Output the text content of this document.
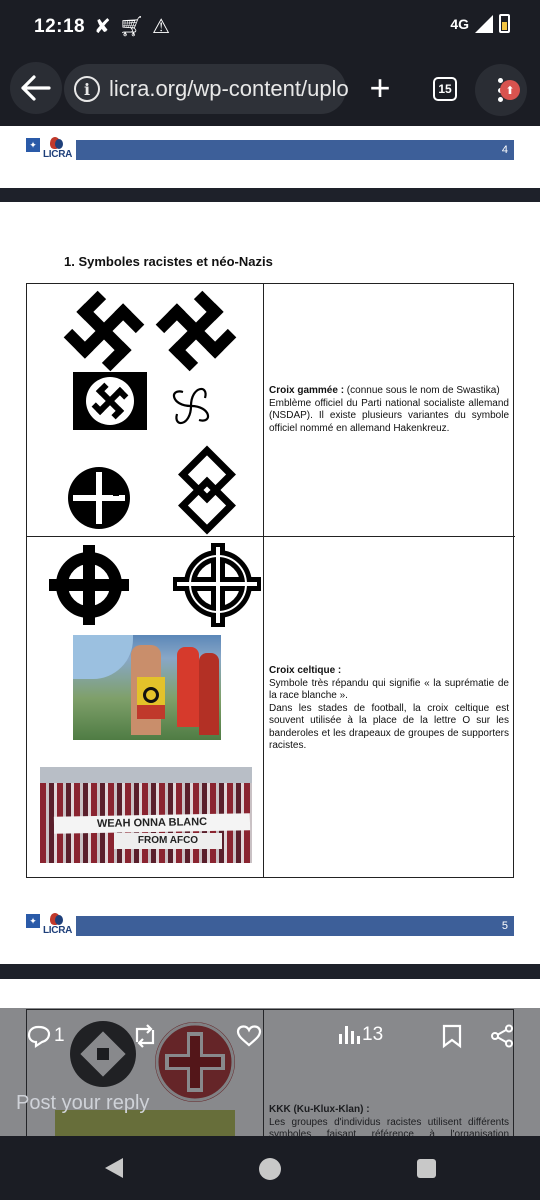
12:18 ✘ 🛒︎ ⚠	4G
i licra.org/wp-content/uplo +	15	⬆
✦
LICRA	4
1. Symboles racistes et néo-Nazis

Croix gammée : (connue sous le nom de Swastika)

Emblème officiel du Parti national socialiste allemand (NSDAP). Il existe plusieurs variantes du symbole officiel nommé en allemand Hakenkreuz.

WEAH ONNA BLANC
FROM AFCO

Croix celtique :

Symbole très répandu qui signifie « la suprématie de la race blanche ».

Dans les stades de football, la croix celtique est souvent utilisée à la place de la lettre O sur les banderoles et les drapeaux de groupes de supporters racistes.

✦
LICRA	5

1	13
Post your reply
